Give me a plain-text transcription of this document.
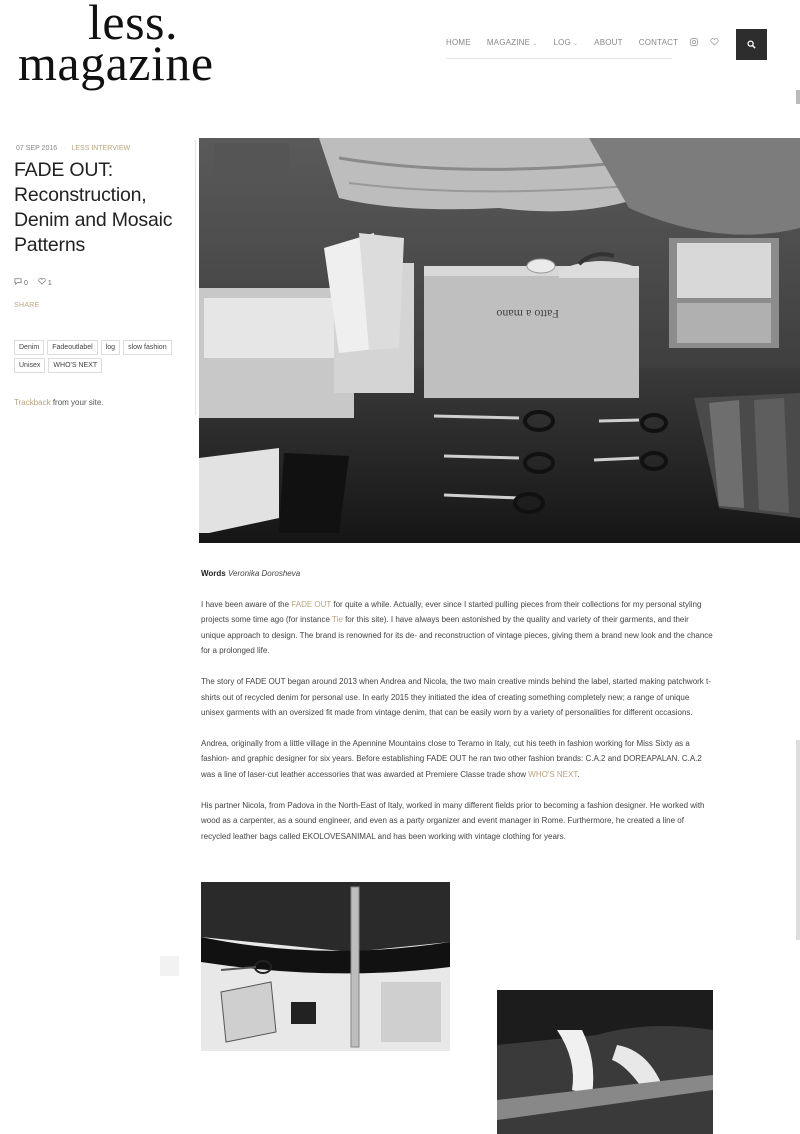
less.
magazine	HOME MAGAZINE ⌄ LOG ⌄ ABOUT CONTACT
07 SEP 2016 · LESS INTERVIEW
FADE OUT: Reconstruction, Denim and Mosaic Patterns
0	1
SHARE
Denim	Fadeoutlabel	log	slow fashion
Unisex	WHO'S NEXT
Trackback from your site.
Fatto a mano

Words Veronika Dorosheva

I have been aware of the FADE OUT for quite a while. Actually, ever since I started pulling pieces from their collections for my personal styling projects some time ago (for instance Tie for this site). I have always been astonished by the quality and variety of their garments, and their unique approach to design. The brand is renowned for its de- and reconstruction of vintage pieces, giving them a brand new look and the chance for a prolonged life.

The story of FADE OUT began around 2013 when Andrea and Nicola, the two main creative minds behind the label, started making patchwork t-shirts out of recycled denim for personal use. In early 2015 they initiated the idea of creating something completely new; a range of unique unisex garments with an oversized fit made from vintage denim, that can be easily worn by a variety of personalities for different occasions.

Andrea, originally from a little village in the Apennine Mountains close to Teramo in Italy, cut his teeth in fashion working for Miss Sixty as a fashion- and graphic designer for six years. Before establishing FADE OUT he ran two other fashion brands: C.A.2 and DOREAPALAN. C.A.2 was a line of laser-cut leather accessories that was awarded at Premiere Classe trade show WHO'S NEXT.

His partner Nicola, from Padova in the North-East of Italy, worked in many different fields prior to becoming a fashion designer. He worked with wood as a carpenter, as a sound engineer, and even as a party organizer and event manager in Rome. Furthermore, he created a line of recycled leather bags called EKOLOVESANIMAL and has been working with vintage clothing for years.
